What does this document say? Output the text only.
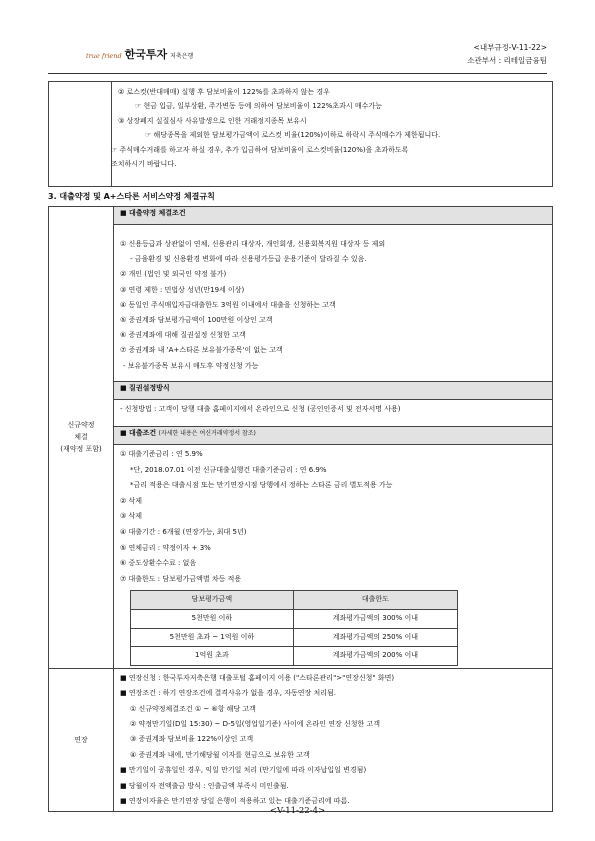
true friend 한국투자 저축은행
<내부규정-V-11-22>
소관부서 : 리테일금융팀

② 로스컷(반대매매) 실행 후 담보비율이 122%를 초과하지 않는 경우
☞ 현금 입금, 일부상환, 주가변동 등에 의하여 담보비율이 122%초과시 매수가능
③ 상장폐지 실질심사 사유발생으로 인한 거래정지종목 보유시
☞ 해당종목을 제외한 담보평가금액이 로스컷 비율(120%)이하로 하락시 주식매수가 제한됩니다.
☞ 주식매수거래를 하고자 하실 경우, 추가 입금하여 담보비율이 로스컷비율(120%)을 초과하도록
조치하시기 바랍니다.
3. 대출약정 및 A+스타론 서비스약정 체결규칙
신규약정
체결
(재약정 포함)
	■ 대출약정 체결조건

① 신용등급과 상관없이 연체, 신용관리 대상자, 개인회생, 신용회복지원 대상자 등 제외
- 금융환경 및 신용환경 변화에 따라 신용평가등급 운용기준이 달라질 수 있음.
② 개인 (법인 및 외국인 약정 불가)
③ 연령 제한 : 민법상 성년(만19세 이상)
④ 동일인 주식매입자금대출한도 3억원 이내에서 대출을 신청하는 고객
⑤ 증권계좌 담보평가금액이 100만원 이상인 고객
⑥ 증권계좌에 대해 질권설정 신청한 고객
⑦ 증권계좌 내 'A+스타론 보유불가종목'이 없는 고객
- 보유불가종목 보유시 매도후 약정신청 가능

■ 질권설정방식
- 신청방법 : 고객이 당행 대출 홈페이지에서 온라인으로 신청 (공인인증서 및 전자서명 사용)
■ 대출조건 (자세한 내용은 여신거래약정서 참조)

① 대출기준금리 : 연 5.9%
*단, 2018.07.01 이전 신규대출실행건 대출기준금리 : 연 6.9%
*금리 적용은 대출시점 또는 만기연장시점 당행에서 정하는 스타론 금리 별도적용 가능
② 삭제
③ 삭제
④ 대출기간 : 6개월 (연장가능, 최대 5년)
⑤ 연체금리 : 약정이자 + 3%
⑥ 중도상환수수료 : 없음
⑦ 대출한도 : 담보평가금액별 차등 적용
담보평가금액	대출한도
5천만원 이하	계좌평가금액의 300% 이내
5천만원 초과 ~ 1억원 이하	계좌평가금액의 250% 이내
1억원 초과	계좌평가금액의 200% 이내

연장	
■ 연장신청 : 한국투자저축은행 대출포털 홈페이지 이용 ("스타론관리">"연장신청" 화면)
■ 연장조건 : 하기 연장조건에 결격사유가 없을 경우, 자동연장 처리됨.
① 신규약정체결조건 ① ~ ⑥항 해당 고객
② 약정만기일(D일 15:30) ~ D-5일(영업일기준) 사이에 온라인 연장 신청한 고객
③ 증권계좌 담보비율 122%이상인 고객
④ 증권계좌 내에, 만기해당월 이자를 현금으로 보유한 고객
■ 만기일이 공휴일인 경우, 익일 만기일 처리 (만기일에 따라 이자납입일 변경됨)
■ 당월이자 전액출금 방식 : 인출금액 부족시 미인출됨.
■ 연장이자율은 만기연장 당일 은행이 적용하고 있는 대출기준금리에 따름.
<V-11-22-4>
